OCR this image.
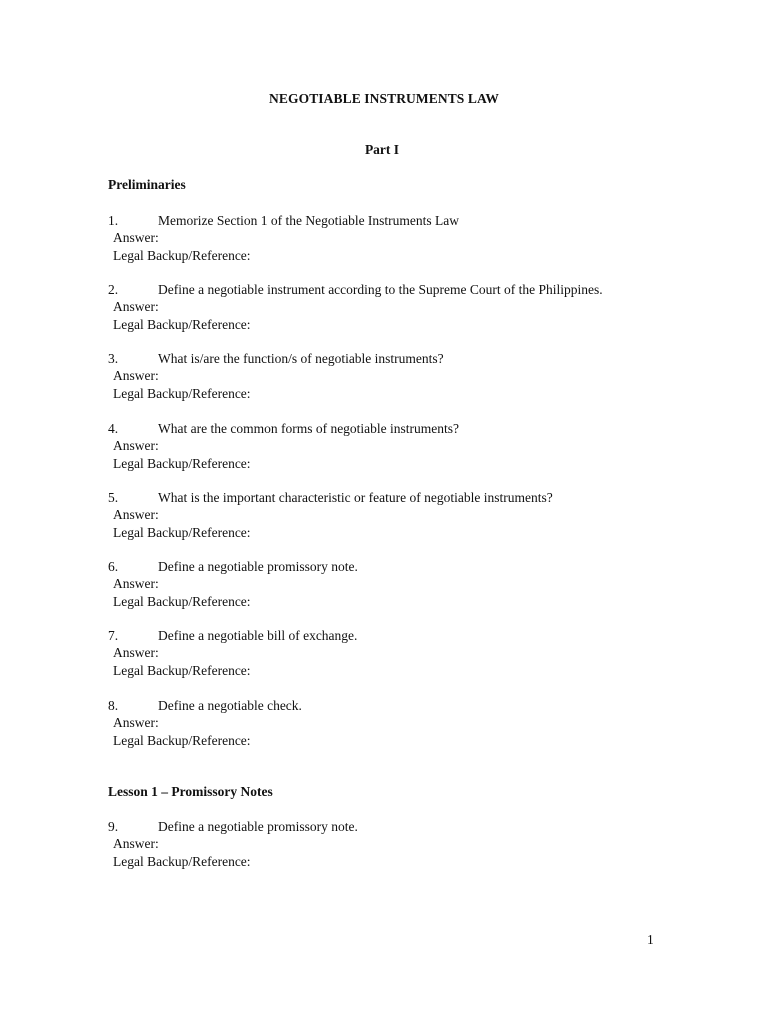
NEGOTIABLE INSTRUMENTS LAW
Part I
Preliminaries
1.	Memorize Section 1 of the Negotiable Instruments Law
Answer:
Legal Backup/Reference:
2.	Define a negotiable instrument according to the Supreme Court of the Philippines.
Answer:
Legal Backup/Reference:
3.	What is/are the function/s of negotiable instruments?
Answer:
Legal Backup/Reference:
4.	What are the common forms of negotiable instruments?
Answer:
Legal Backup/Reference:
5.	What is the important characteristic or feature of negotiable instruments?
Answer:
Legal Backup/Reference:
6.	Define a negotiable promissory note.
Answer:
Legal Backup/Reference:
7.	Define a negotiable bill of exchange.
Answer:
Legal Backup/Reference:
8.	Define a negotiable check.
Answer:
Legal Backup/Reference:
Lesson 1 – Promissory Notes
9.	Define a negotiable promissory note.
Answer:
Legal Backup/Reference:
1
